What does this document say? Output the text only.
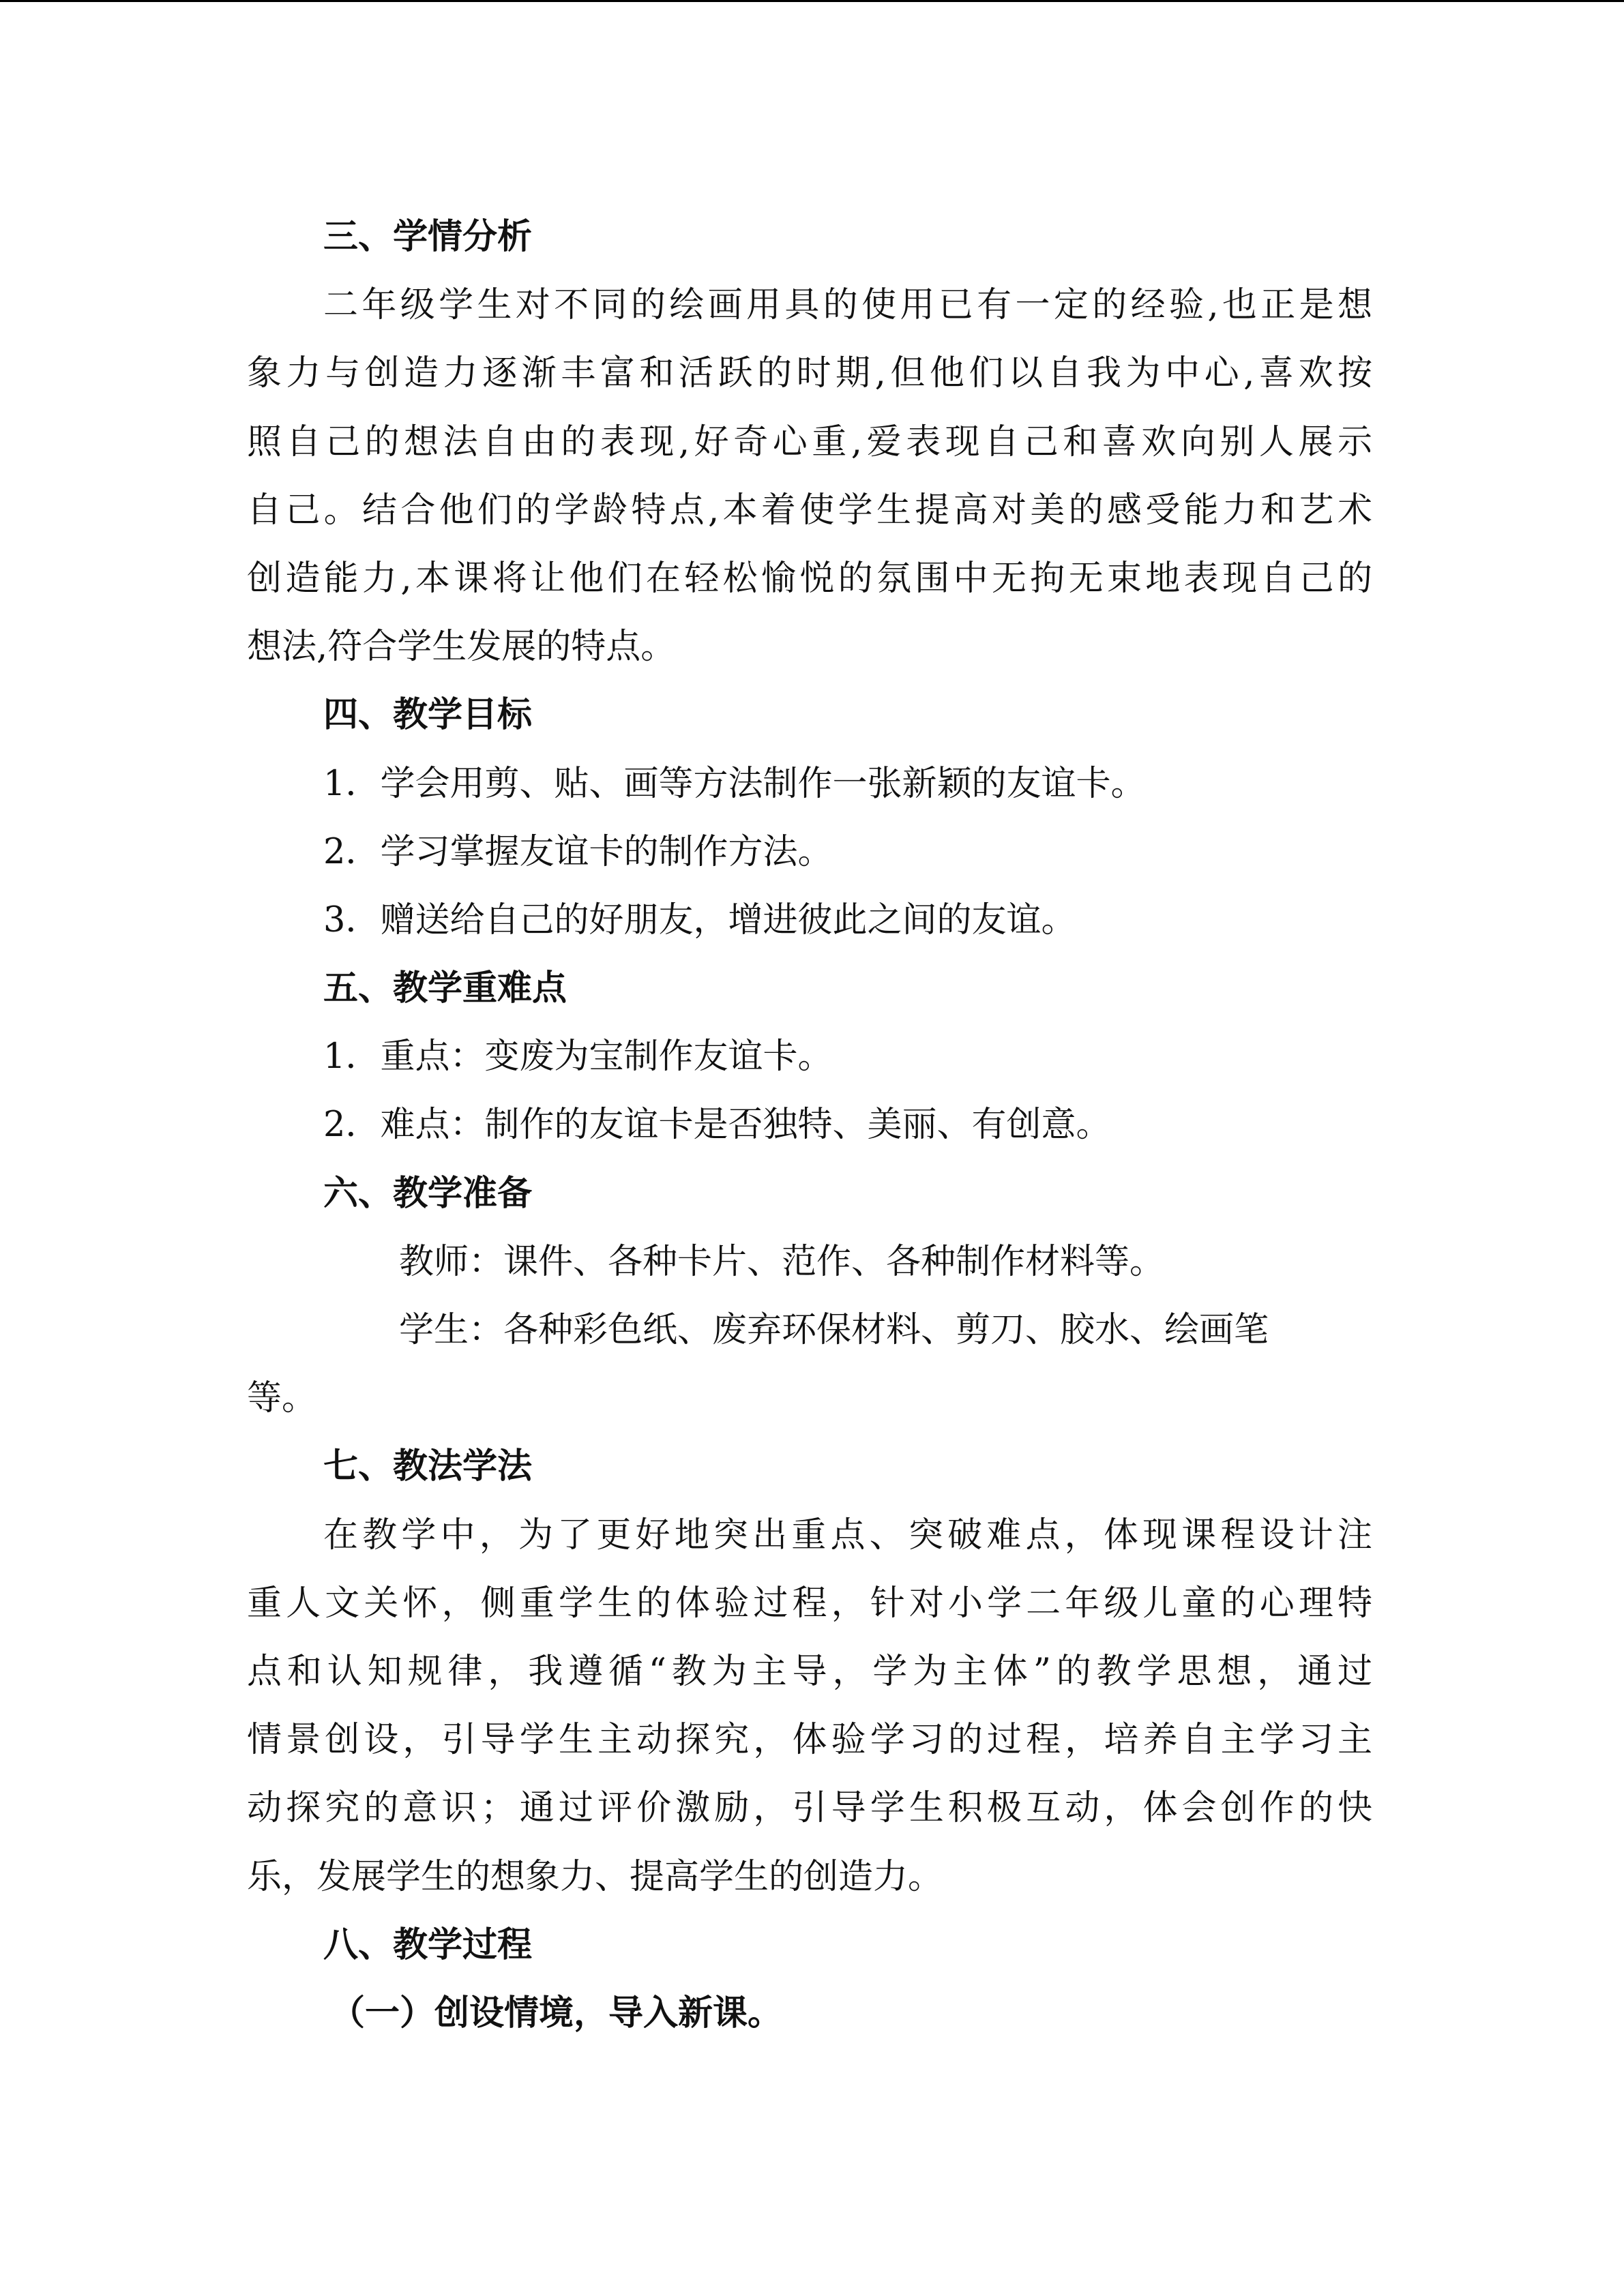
三、学情分析
二年级学生对不同的绘画用具的使用已有一定的经验,也正是想
象力与创造力逐渐丰富和活跃的时期,但他们以自我为中心,喜欢按
照自己的想法自由的表现,好奇心重,爱表现自己和喜欢向别人展示
自己。结合他们的学龄特点,本着使学生提高对美的感受能力和艺术
创造能力,本课将让他们在轻松愉悦的氛围中无拘无束地表现自己的
想法,符合学生发展的特点。
四、教学目标
1．学会用剪、贴、画等方法制作一张新颖的友谊卡。
2．学习掌握友谊卡的制作方法。
3．赠送给自己的好朋友，增进彼此之间的友谊。
五、教学重难点
1．重点：变废为宝制作友谊卡。
2．难点：制作的友谊卡是否独特、美丽、有创意。
六、教学准备
教师：课件、各种卡片、范作、各种制作材料等。
学生：各种彩色纸、废弃环保材料、剪刀、胶水、绘画笔
等。
七、教法学法
在教学中，为了更好地突出重点、突破难点，体现课程设计注
重人文关怀，侧重学生的体验过程，针对小学二年级儿童的心理特
点和认知规律，我遵循“教为主导，学为主体”的教学思想，通过
情景创设，引导学生主动探究，体验学习的过程，培养自主学习主
动探究的意识；通过评价激励，引导学生积极互动，体会创作的快
乐，发展学生的想象力、提高学生的创造力。
八、教学过程
（一）创设情境，导入新课。
